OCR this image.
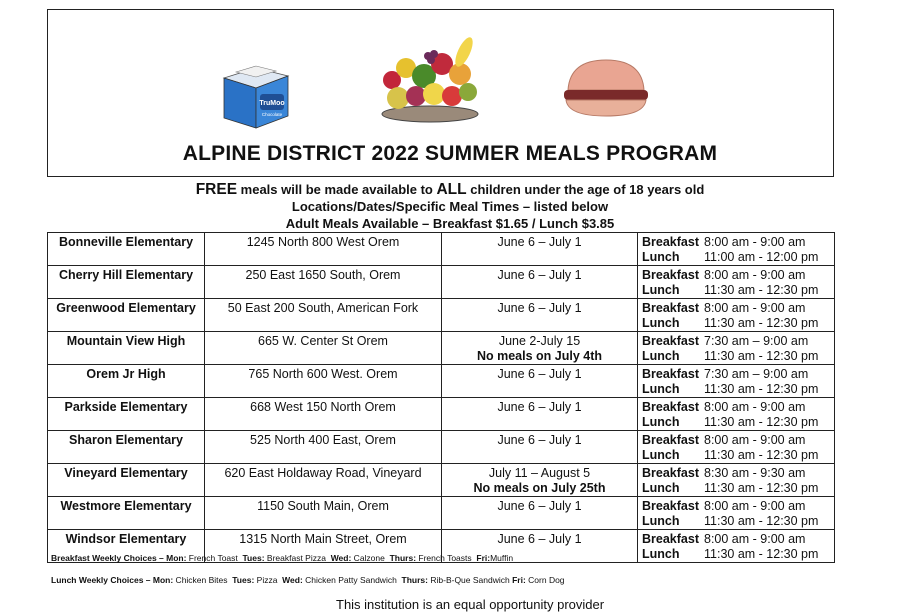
TruMoo
Chocolate
ALPINE DISTRICT 2022 SUMMER MEALS PROGRAM
FREE meals will be made available to ALL children under the age of 18 years old
Locations/Dates/Specific Meal Times – listed below
Adult Meals Available – Breakfast $1.65 / Lunch $3.85
Bonneville Elementary	1245 North 800 West Orem	June 6 – July 1	Breakfast 8:00 am - 9:00 am
Lunch 11:00 am - 12:00 pm

Cherry Hill Elementary	250 East 1650 South, Orem	June 6 – July 1	Breakfast 8:00 am - 9:00 am
Lunch 11:30 am - 12:30 pm

Greenwood Elementary	50 East 200 South, American Fork	June 6 – July 1	Breakfast 8:00 am - 9:00 am
Lunch 11:30 am - 12:30 pm

Mountain View High	665 W. Center St Orem	June 2-July 15
No meals on July 4th	Breakfast 7:30 am – 9:00 am
Lunch 11:30 am - 12:30 pm

Orem Jr High	765 North 600 West. Orem	June 6 – July 1	Breakfast 7:30 am – 9:00 am
Lunch 11:30 am - 12:30 pm

Parkside Elementary	668 West 150 North Orem	June 6 – July 1	Breakfast 8:00 am - 9:00 am
Lunch 11:30 am - 12:30 pm

Sharon Elementary	525 North 400 East, Orem	June 6 – July 1	Breakfast 8:00 am - 9:00 am
Lunch 11:30 am - 12:30 pm

Vineyard Elementary	620 East Holdaway Road, Vineyard	July 11 – August 5
No meals on July 25th	Breakfast 8:30 am - 9:30 am
Lunch 11:30 am - 12:30 pm

Westmore Elementary	1150 South Main, Orem	June 6 – July 1	Breakfast 8:00 am - 9:00 am
Lunch 11:30 am - 12:30 pm

Windsor Elementary	1315 North Main Street, Orem	June 6 – July 1	Breakfast 8:00 am - 9:00 am
Lunch 11:30 am - 12:30 pm
Breakfast Weekly Choices – Mon: French Toast  Tues: Breakfast Pizza  Wed: Calzone  Thurs: French Toasts  Fri:Muffin
Lunch Weekly Choices – Mon: Chicken Bites  Tues: Pizza  Wed: Chicken Patty Sandwich  Thurs: Rib-B-Que Sandwich Fri: Corn Dog
This institution is an equal opportunity provider
